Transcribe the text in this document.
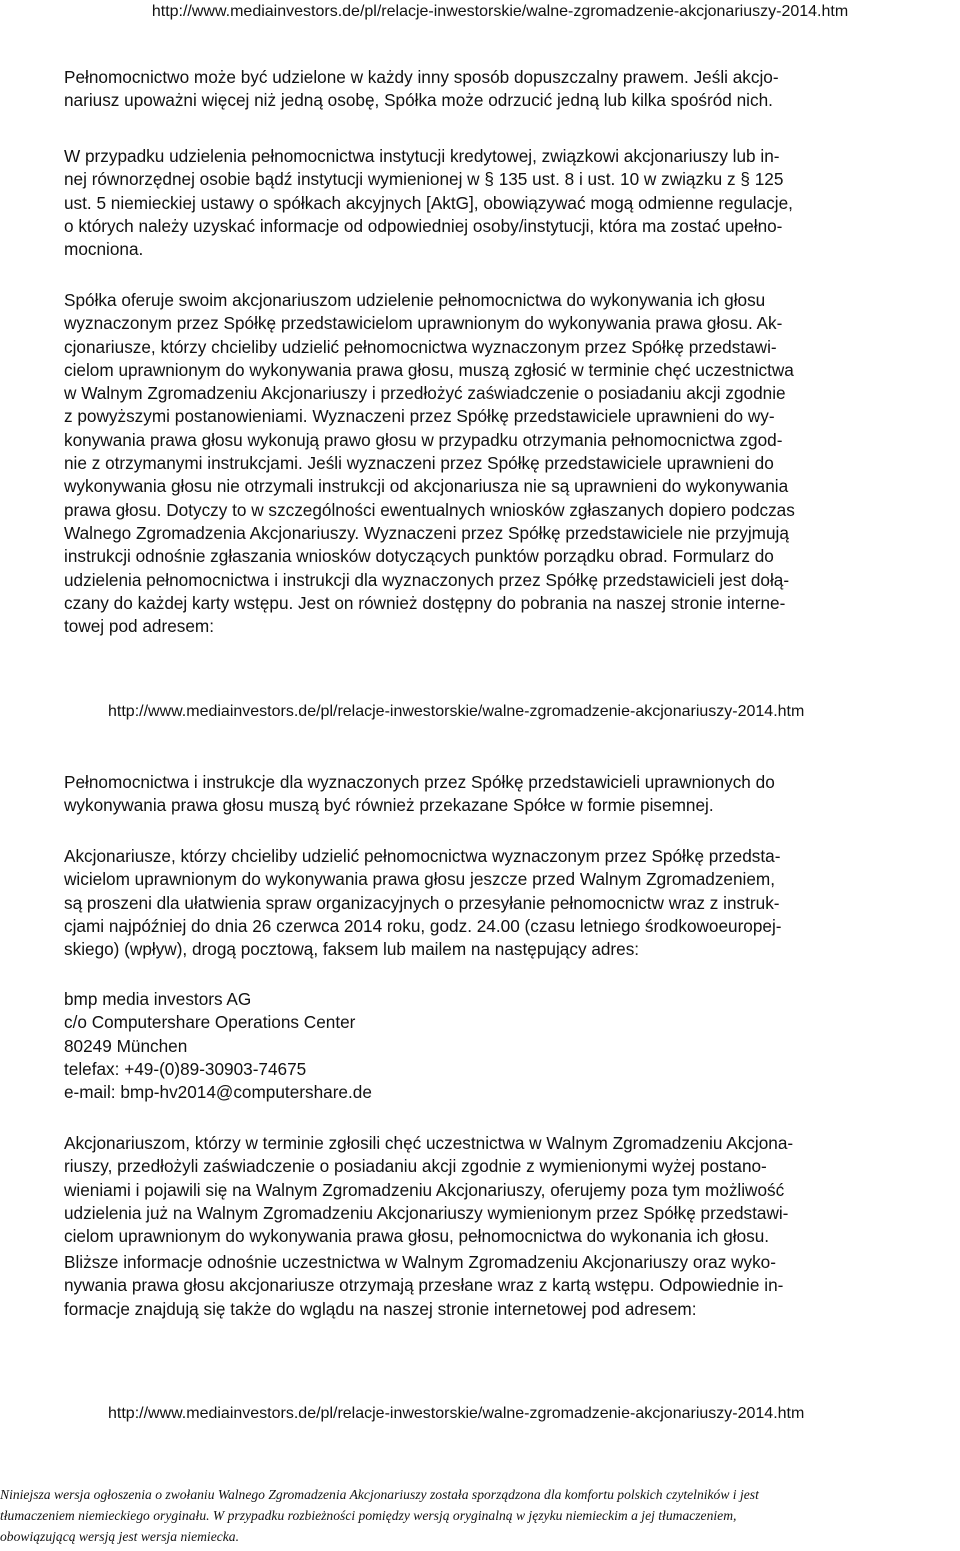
http://www.mediainvestors.de/pl/relacje-inwestorskie/walne-zgromadzenie-akcjonariuszy-2014.htm
Pełnomocnictwo może być udzielone w każdy inny sposób dopuszczalny prawem. Jeśli akcjo-
nariusz upoważni więcej niż jedną osobę, Spółka może odrzucić jedną lub kilka spośród nich.
W przypadku udzielenia pełnomocnictwa instytucji kredytowej, związkowi akcjonariuszy lub in-
nej równorzędnej osobie bądź instytucji wymienionej w § 135 ust. 8 i ust. 10 w związku z § 125
ust. 5 niemieckiej ustawy o spółkach akcyjnych [AktG], obowiązywać mogą odmienne regulacje,
o których należy uzyskać informacje od odpowiedniej osoby/instytucji, która ma zostać upełno-
mocniona.
Spółka oferuje swoim akcjonariuszom udzielenie pełnomocnictwa do wykonywania ich głosu
wyznaczonym przez Spółkę przedstawicielom uprawnionym do wykonywania prawa głosu. Ak-
cjonariusze, którzy chcieliby udzielić pełnomocnictwa wyznaczonym przez Spółkę przedstawi-
cielom uprawnionym do wykonywania prawa głosu, muszą zgłosić w terminie chęć uczestnictwa
w Walnym Zgromadzeniu Akcjonariuszy i przedłożyć zaświadczenie o posiadaniu akcji zgodnie
z powyższymi postanowieniami. Wyznaczeni przez Spółkę przedstawiciele uprawnieni do wy-
konywania prawa głosu wykonują prawo głosu w przypadku otrzymania pełnomocnictwa zgod-
nie z otrzymanymi instrukcjami. Jeśli wyznaczeni przez Spółkę przedstawiciele uprawnieni do
wykonywania głosu nie otrzymali instrukcji od akcjonariusza nie są uprawnieni do wykonywania
prawa głosu. Dotyczy to w szczególności ewentualnych wniosków zgłaszanych dopiero podczas
Walnego Zgromadzenia Akcjonariuszy. Wyznaczeni przez Spółkę przedstawiciele nie przyjmują
instrukcji odnośnie zgłaszania wniosków dotyczących punktów porządku obrad. Formularz do
udzielenia pełnomocnictwa i instrukcji dla wyznaczonych przez Spółkę przedstawicieli jest dołą-
czany do każdej karty wstępu. Jest on również dostępny do pobrania na naszej stronie interne-
towej pod adresem:
http://www.mediainvestors.de/pl/relacje-inwestorskie/walne-zgromadzenie-akcjonariuszy-2014.htm
Pełnomocnictwa i instrukcje dla wyznaczonych przez Spółkę przedstawicieli uprawnionych do
wykonywania prawa głosu muszą być również przekazane Spółce w formie pisemnej.
Akcjonariusze, którzy chcieliby udzielić pełnomocnictwa wyznaczonym przez Spółkę przedsta-
wicielom uprawnionym do wykonywania prawa głosu jeszcze przed Walnym Zgromadzeniem,
są proszeni dla ułatwienia spraw organizacyjnych o przesyłanie pełnomocnictw wraz z instruk-
cjami najpóźniej do dnia 26 czerwca 2014 roku, godz. 24.00 (czasu letniego środkowoeuropej-
skiego) (wpływ), drogą pocztową, faksem lub mailem na następujący adres:
bmp media investors AG
c/o Computershare Operations Center
80249 München
telefax: +49-(0)89-30903-74675
e-mail: bmp-hv2014@computershare.de
Akcjonariuszom, którzy w terminie zgłosili chęć uczestnictwa w Walnym Zgromadzeniu Akcjona-
riuszy, przedłożyli zaświadczenie o posiadaniu akcji zgodnie z wymienionymi wyżej postano-
wieniami i pojawili się na Walnym Zgromadzeniu Akcjonariuszy, oferujemy poza tym możliwość
udzielenia już na Walnym Zgromadzeniu Akcjonariuszy wymienionym przez Spółkę przedstawi-
cielom uprawnionym do wykonywania prawa głosu, pełnomocnictwa do wykonania ich głosu.
Bliższe informacje odnośnie uczestnictwa w Walnym Zgromadzeniu Akcjonariuszy oraz wyko-
nywania prawa głosu akcjonariusze otrzymają przesłane wraz z kartą wstępu. Odpowiednie in-
formacje znajdują się także do wglądu na naszej stronie internetowej pod adresem:
http://www.mediainvestors.de/pl/relacje-inwestorskie/walne-zgromadzenie-akcjonariuszy-2014.htm
Niniejsza wersja ogłoszenia o zwołaniu Walnego Zgromadzenia Akcjonariuszy została sporządzona dla komfortu polskich czytelników i jest
tłumaczeniem niemieckiego oryginału. W przypadku rozbieżności pomiędzy wersją oryginalną w języku niemieckim a jej tłumaczeniem,
obowiązującą wersją jest wersja niemiecka.
